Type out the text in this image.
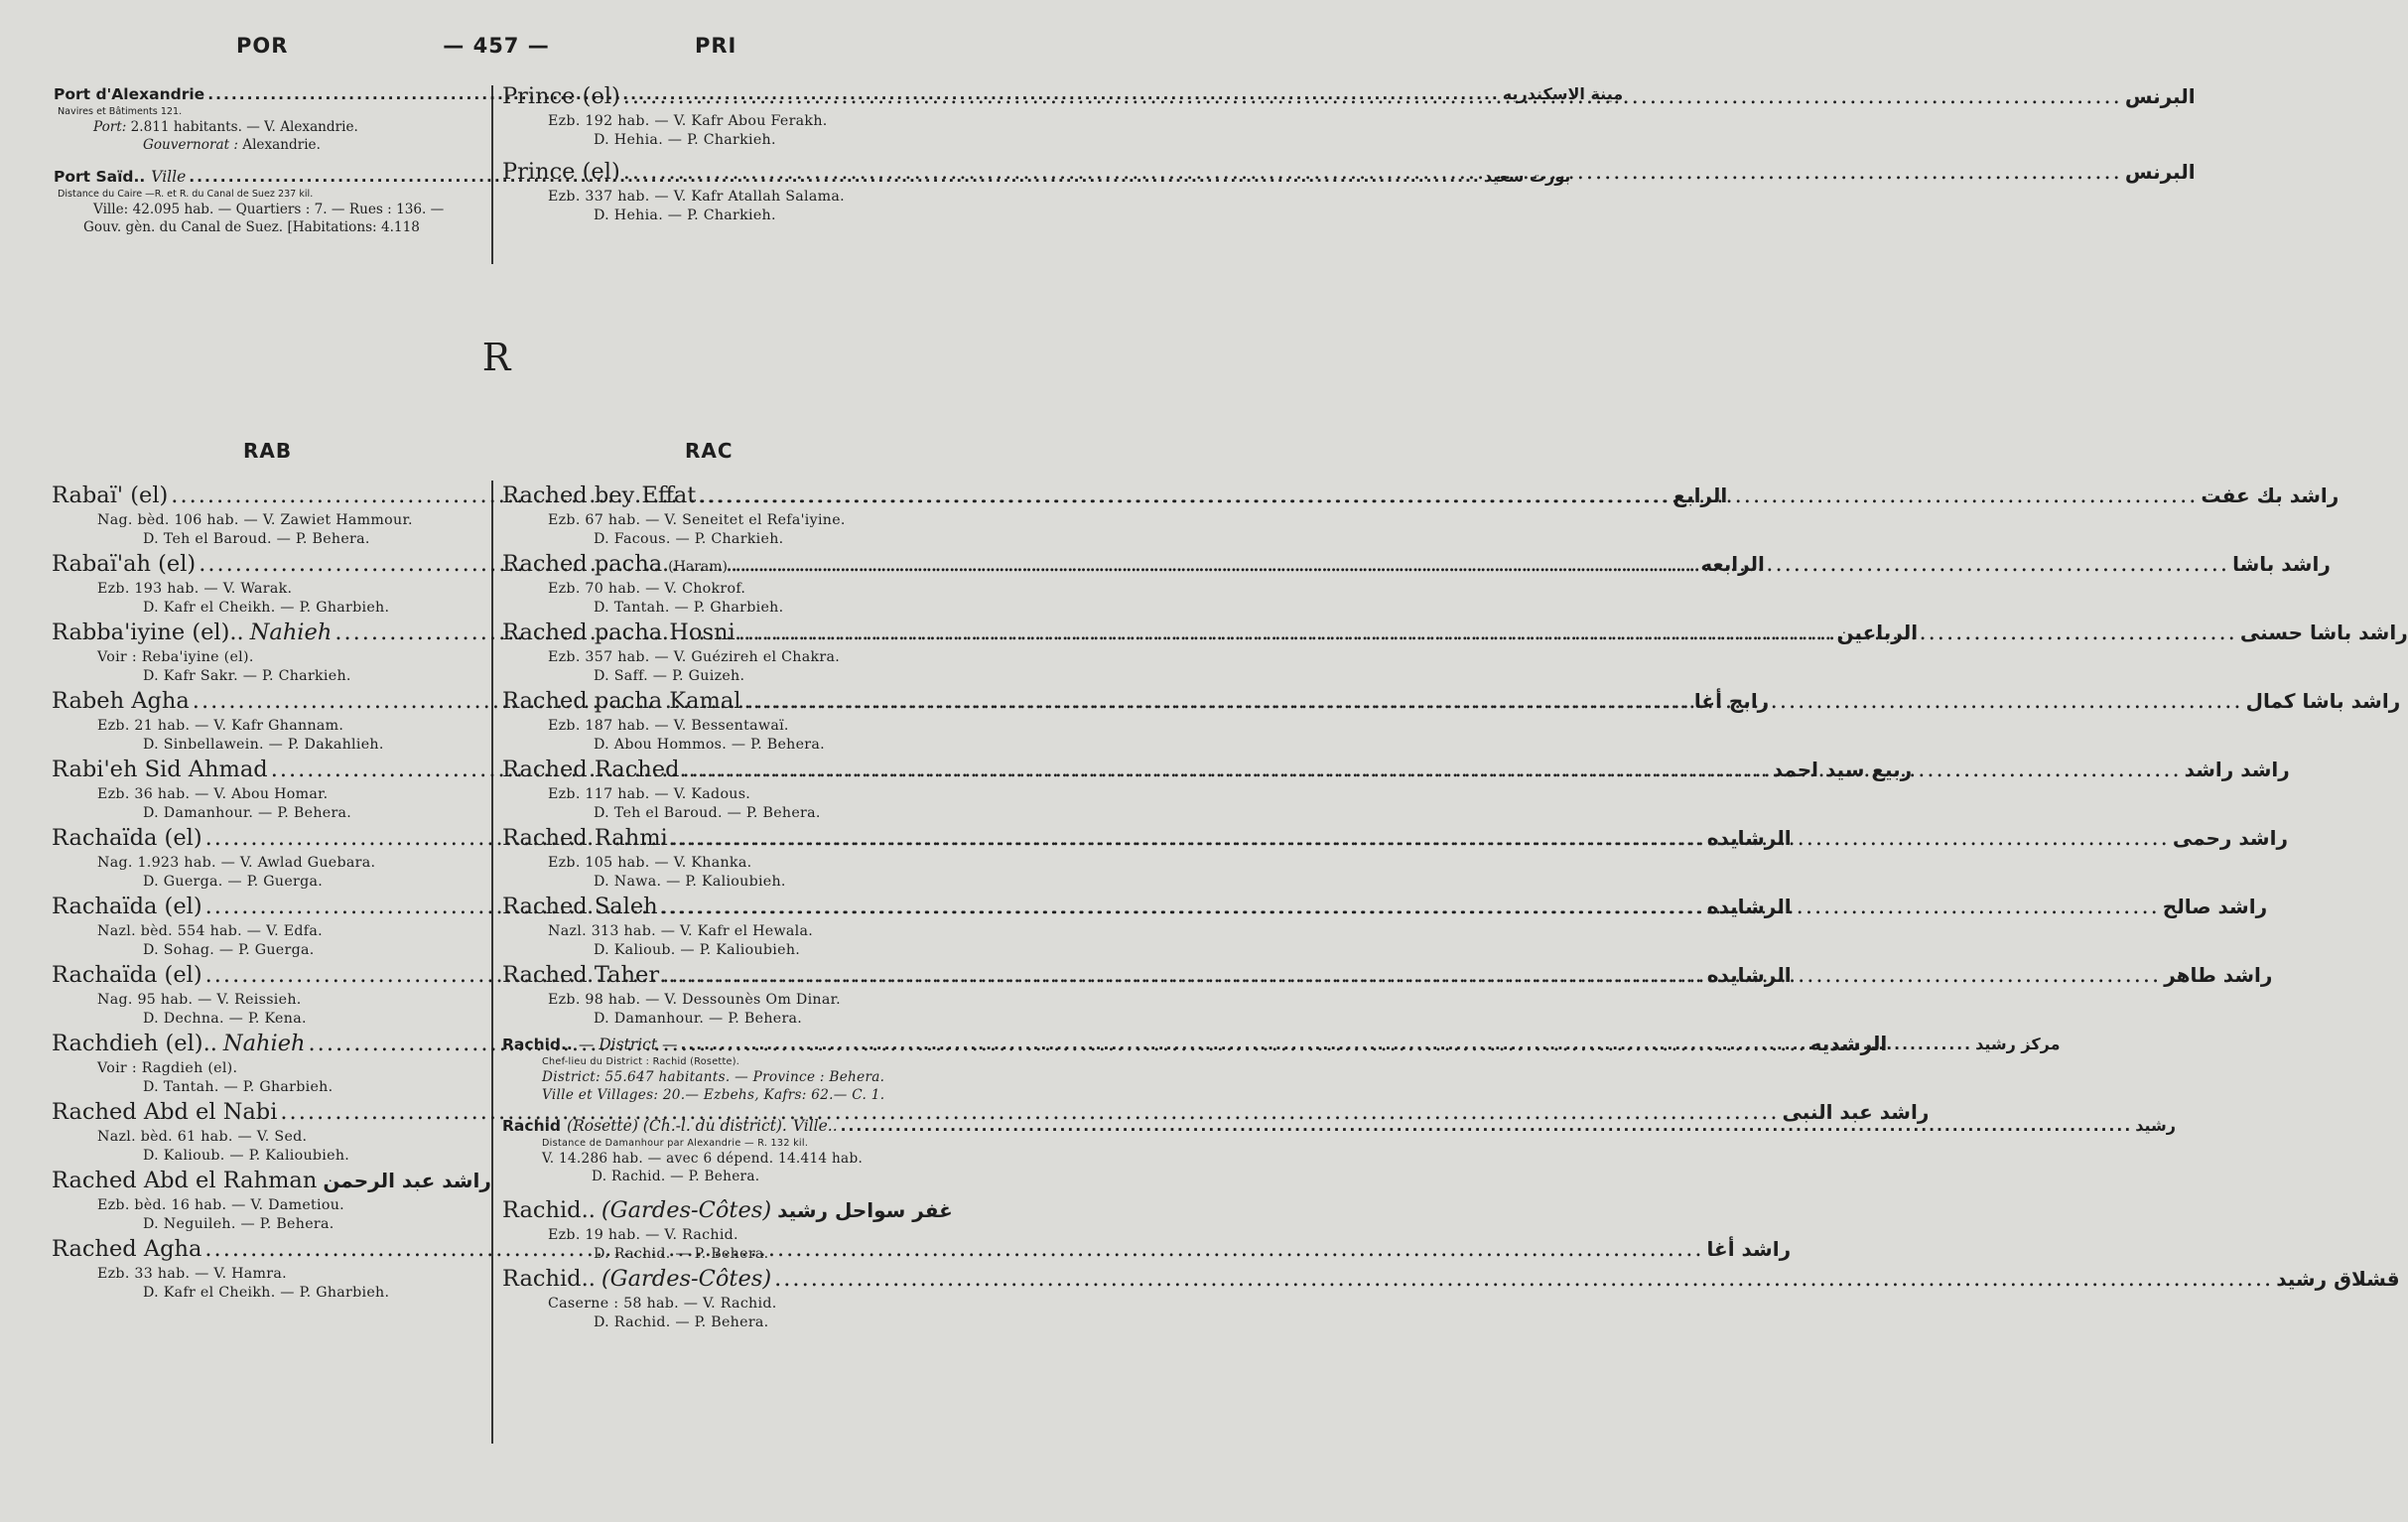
POR	— 457 —	PRI
Port d'Alexandrie .....	مينة الاسكندريه
Navires et Bâtiments 121.
Port: 2.811 habitants. — V. Alexandrie.
Gouvernorat : Alexandrie.
Port Saïd.. Ville .....	بورت سعيد
Distance du Caire —R. et R. du Canal de Suez 237 kil.
Ville: 42.095 hab. — Quartiers : 7. — Rues : 136. —
Gouv. gèn. du Canal de Suez. [Habitations: 4.118
Prince (el) .....	البرنس
Ezb. 192 hab. — V. Kafr Abou Ferakh.
D. Hehia. — P. Charkieh.
Prince (el) .....	البرنس
Ezb. 337 hab. — V. Kafr Atallah Salama.
D. Hehia. — P. Charkieh.
R
RAB	RAC
Rabaï' (el) .....	الرابع
Nag. bèd. 106 hab. — V. Zawiet Hammour.
D. Teh el Baroud. — P. Behera.
Rabaï'ah (el) .....	الرابعه
Ezb. 193 hab. — V. Warak.
D. Kafr el Cheikh. — P. Gharbieh.
Rabba'iyine (el).. Nahieh .....	الرباعين
Voir : Reba'iyine (el).
D. Kafr Sakr. — P. Charkieh.
Rabeh Agha .....	رابح أغا
Ezb. 21 hab. — V. Kafr Ghannam.
D. Sinbellawein. — P. Dakahlieh.
Rabi'eh Sid Ahmad .....	ربيع سيد احمد
Ezb. 36 hab. — V. Abou Homar.
D. Damanhour. — P. Behera.
Rachaïda (el) .....	الرشايده
Nag. 1.923 hab. — V. Awlad Guebara.
D. Guerga. — P. Guerga.
Rachaïda (el) .....	الرشايده
Nazl. bèd. 554 hab. — V. Edfa.
D. Sohag. — P. Guerga.
Rachaïda (el) .....	الرشايده
Nag. 95 hab. — V. Reissieh.
D. Dechna. — P. Kena.
Rachdieh (el).. Nahieh .....	الرشديه
Voir : Ragdieh (el).
D. Tantah. — P. Gharbieh.
Rached Abd el Nabi .....	راشد عبد النبى
Nazl. bèd. 61 hab. — V. Sed.
D. Kalioub. — P. Kalioubieh.
Rached Abd el Rahman راشد عبد الرحمن
Ezb. bèd. 16 hab. — V. Dametiou.
D. Neguileh. — P. Behera.
Rached Agha .....	راشد أغا
Ezb. 33 hab. — V. Hamra.
D. Kafr el Cheikh. — P. Gharbieh.
Rached bey Effat .....	راشد بك عفت
Ezb. 67 hab. — V. Seneitet el Refa'iyine.
D. Facous. — P. Charkieh.
Rached pacha (Haram) .....	راشد باشا
Ezb. 70 hab. — V. Chokrof.
D. Tantah. — P. Gharbieh.
Rached pacha Hosni .....	راشد باشا حسنى
Ezb. 357 hab. — V. Guézireh el Chakra.
D. Saff. — P. Guizeh.
Rached pacha Kamal .....	راشد باشا كمال
Ezb. 187 hab. — V. Bessentawaï.
D. Abou Hommos. — P. Behera.
Rached Rached .....	راشد راشد
Ezb. 117 hab. — V. Kadous.
D. Teh el Baroud. — P. Behera.
Rached Rahmi .....	راشد رحمى
Ezb. 105 hab. — V. Khanka.
D. Nawa. — P. Kalioubieh.
Rached Saleh .....	راشد صالح
Nazl. 313 hab. — V. Kafr el Hewala.
D. Kalioub. — P. Kalioubieh.
Rached Taher .....	راشد طاهر
Ezb. 98 hab. — V. Dessounès Om Dinar.
D. Damanhour. — P. Behera.
Rachid.. — District — .....	مركز رشيد
Chef-lieu du District : Rachid (Rosette).
District: 55.647 habitants. — Province : Behera.
Ville et Villages: 20.— Ezbehs, Kafrs: 62.— C. 1.
Rachid (Rosette) (Ch.-l. du district). Ville.. .....	رشيد
Distance de Damanhour par Alexandrie — R. 132 kil.
V. 14.286 hab. — avec 6 dépend. 14.414 hab.
D. Rachid. — P. Behera.
Rachid.. (Gardes-Côtes) غفر سواحل رشيد
Ezb. 19 hab. — V. Rachid.
D. Rachid. — P. Behera.
Rachid.. (Gardes-Côtes) .....	قشلاق رشيد
Caserne : 58 hab. — V. Rachid.
D. Rachid. — P. Behera.
